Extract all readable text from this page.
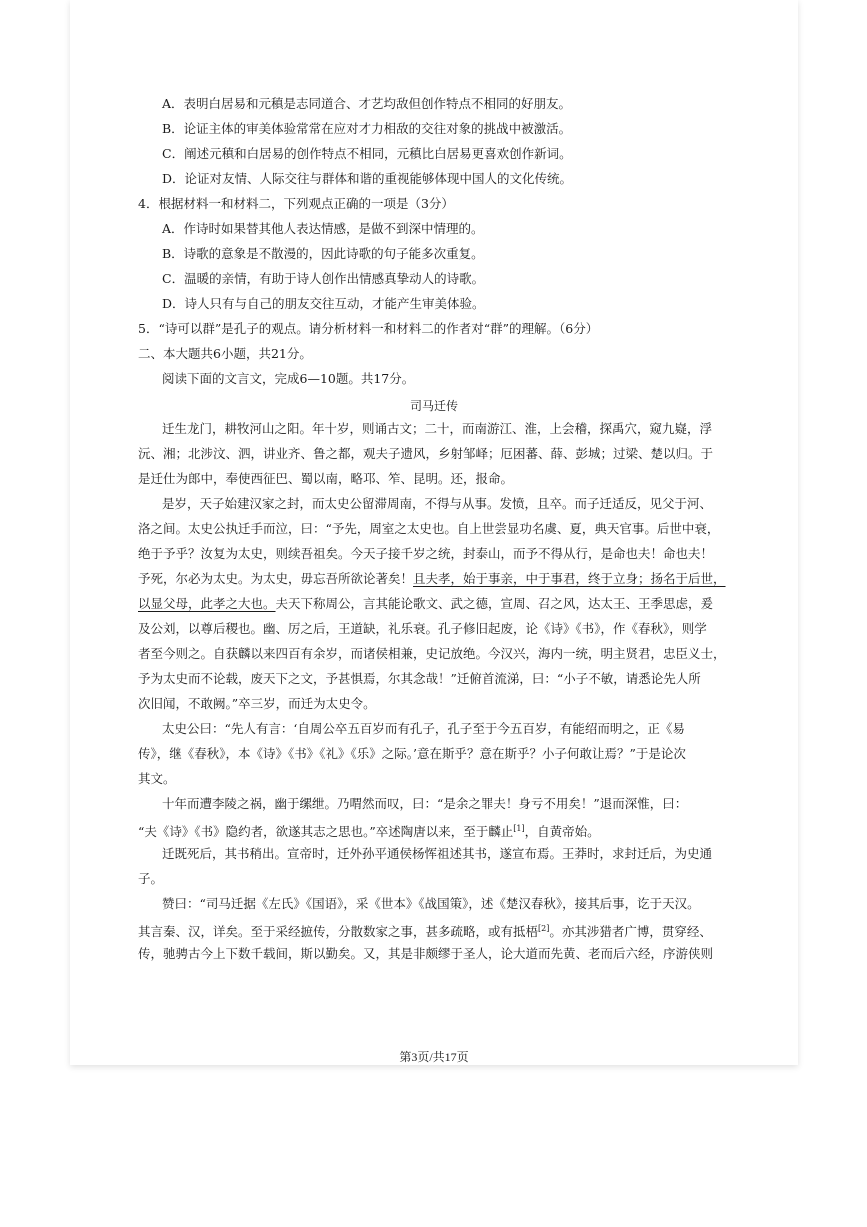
A．表明白居易和元稹是志同道合、才艺均敌但创作特点不相同的好朋友。
B．论证主体的审美体验常常在应对才力相敌的交往对象的挑战中被激活。
C．阐述元稹和白居易的创作特点不相同，元稹比白居易更喜欢创作新词。
D．论证对友情、人际交往与群体和谐的重视能够体现中国人的文化传统。
4．根据材料一和材料二，下列观点正确的一项是（3分）
A．作诗时如果替其他人表达情感，是做不到深中情理的。
B．诗歌的意象是不散漫的，因此诗歌的句子能多次重复。
C．温暖的亲情，有助于诗人创作出情感真挚动人的诗歌。
D．诗人只有与自己的朋友交往互动，才能产生审美体验。
5．“诗可以群”是孔子的观点。请分析材料一和材料二的作者对“群”的理解。（6分）
二、本大题共6小题，共21分。
阅读下面的文言文，完成6—10题。共17分。
司马迁传
迁生龙门，耕牧河山之阳。年十岁，则诵古文；二十，而南游江、淮，上会稽，探禹穴，窥九嶷，浮
沅、湘；北涉汶、泗，讲业齐、鲁之都，观夫子遗风，乡射邹峄；厄困蕃、薛、彭城；过梁、楚以归。于
是迁仕为郎中，奉使西征巴、蜀以南，略邛、笮、昆明。还，报命。
是岁，天子始建汉家之封，而太史公留滞周南，不得与从事。发愤，且卒。而子迁适反，见父于河、
洛之间。太史公执迁手而泣，曰：“予先，周室之太史也。自上世尝显功名虞、夏，典天官事。后世中衰，
绝于予乎？汝复为太史，则续吾祖矣。今天子接千岁之统，封泰山，而予不得从行，是命也夫！命也夫！
予死，尔必为太史。为太史，毋忘吾所欲论著矣！且夫孝，始于事亲，中于事君，终于立身；扬名于后世，
以显父母，此孝之大也。夫天下称周公，言其能论歌文、武之德，宣周、召之风，达太王、王季思虑，爰
及公刘，以尊后稷也。幽、厉之后，王道缺，礼乐衰。孔子修旧起废，论《诗》《书》，作《春秋》，则学
者至今则之。自获麟以来四百有余岁，而诸侯相兼，史记放绝。今汉兴，海内一统，明主贤君，忠臣义士，
予为太史而不论载，废天下之文，予甚惧焉，尔其念哉！”迁俯首流涕，曰：“小子不敏，请悉论先人所
次旧闻，不敢阙。”卒三岁，而迁为太史令。
太史公曰：“先人有言：‘自周公卒五百岁而有孔子，孔子至于今五百岁，有能绍而明之，正《易
传》，继《春秋》，本《诗》《书》《礼》《乐》之际。’意在斯乎？意在斯乎？小子何敢让焉？”于是论次
其文。
十年而遭李陵之祸，幽于缧绁。乃喟然而叹，曰：“是余之罪夫！身亏不用矣！”退而深惟，曰：
“夫《诗》《书》隐约者，欲遂其志之思也。”卒述陶唐以来，至于麟止[1]，自黄帝始。
迁既死后，其书稍出。宣帝时，迁外孙平通侯杨恽祖述其书，遂宣布焉。王莽时，求封迁后，为史通
子。
赞曰：“司马迁据《左氏》《国语》，采《世本》《战国策》，述《楚汉春秋》，接其后事，讫于天汉。
其言秦、汉，详矣。至于采经摭传，分散数家之事，甚多疏略，或有抵梧[2]。亦其涉猎者广博，贯穿经、
传，驰骋古今上下数千载间，斯以勤矣。又，其是非颇缪于圣人，论大道而先黄、老而后六经，序游侠则
第3页/共17页
